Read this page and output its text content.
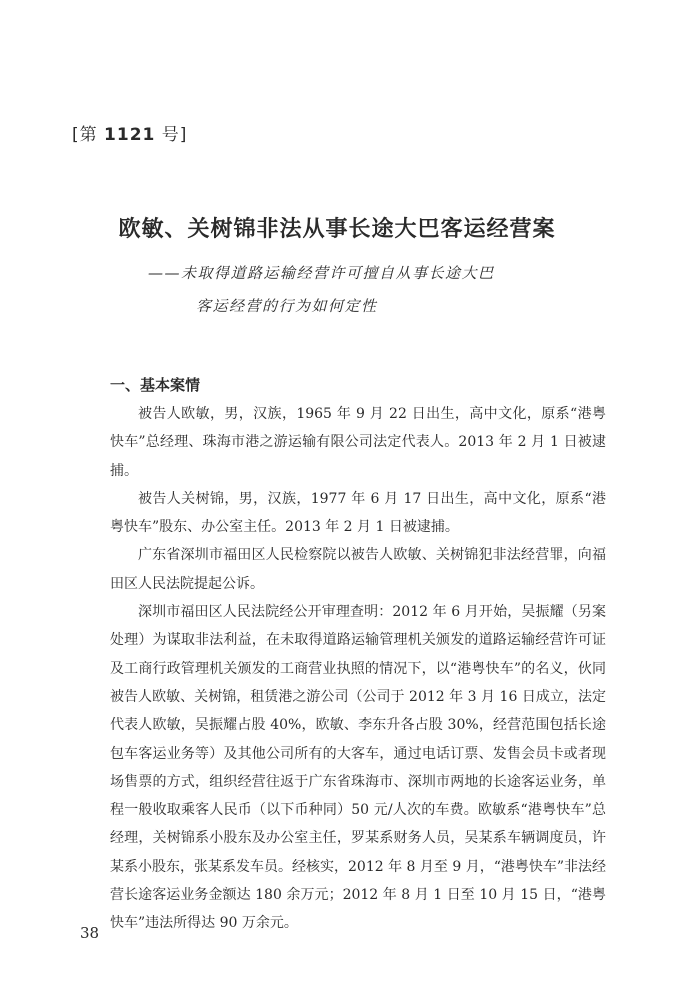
[第 1121 号]
欧敏、关树锦非法从事长途大巴客运经营案
——未取得道路运输经营许可擅自从事长途大巴
客运经营的行为如何定性
一、基本案情

被告人欧敏，男，汉族，1965 年 9 月 22 日出生，高中文化，原系“港粤快车”总经理、珠海市港之游运输有限公司法定代表人。2013 年 2 月 1 日被逮捕。

被告人关树锦，男，汉族，1977 年 6 月 17 日出生，高中文化，原系“港粤快车”股东、办公室主任。2013 年 2 月 1 日被逮捕。

广东省深圳市福田区人民检察院以被告人欧敏、关树锦犯非法经营罪，向福田区人民法院提起公诉。

深圳市福田区人民法院经公开审理查明：2012 年 6 月开始，吴振耀（另案处理）为谋取非法利益，在未取得道路运输管理机关颁发的道路运输经营许可证及工商行政管理机关颁发的工商营业执照的情况下，以“港粤快车”的名义，伙同被告人欧敏、关树锦，租赁港之游公司（公司于 2012 年 3 月 16 日成立，法定代表人欧敏，吴振耀占股 40%，欧敏、李东升各占股 30%，经营范围包括长途包车客运业务等）及其他公司所有的大客车，通过电话订票、发售会员卡或者现场售票的方式，组织经营往返于广东省珠海市、深圳市两地的长途客运业务，单程一般收取乘客人民币（以下币种同）50 元/人次的车费。欧敏系“港粤快车”总经理，关树锦系小股东及办公室主任，罗某系财务人员，吴某系车辆调度员，许某系小股东，张某系发车员。经核实，2012 年 8 月至 9 月，“港粤快车”非法经营长途客运业务金额达 180 余万元；2012 年 8 月 1 日至 10 月 15 日，“港粤快车”违法所得达 90 万余元。

38
